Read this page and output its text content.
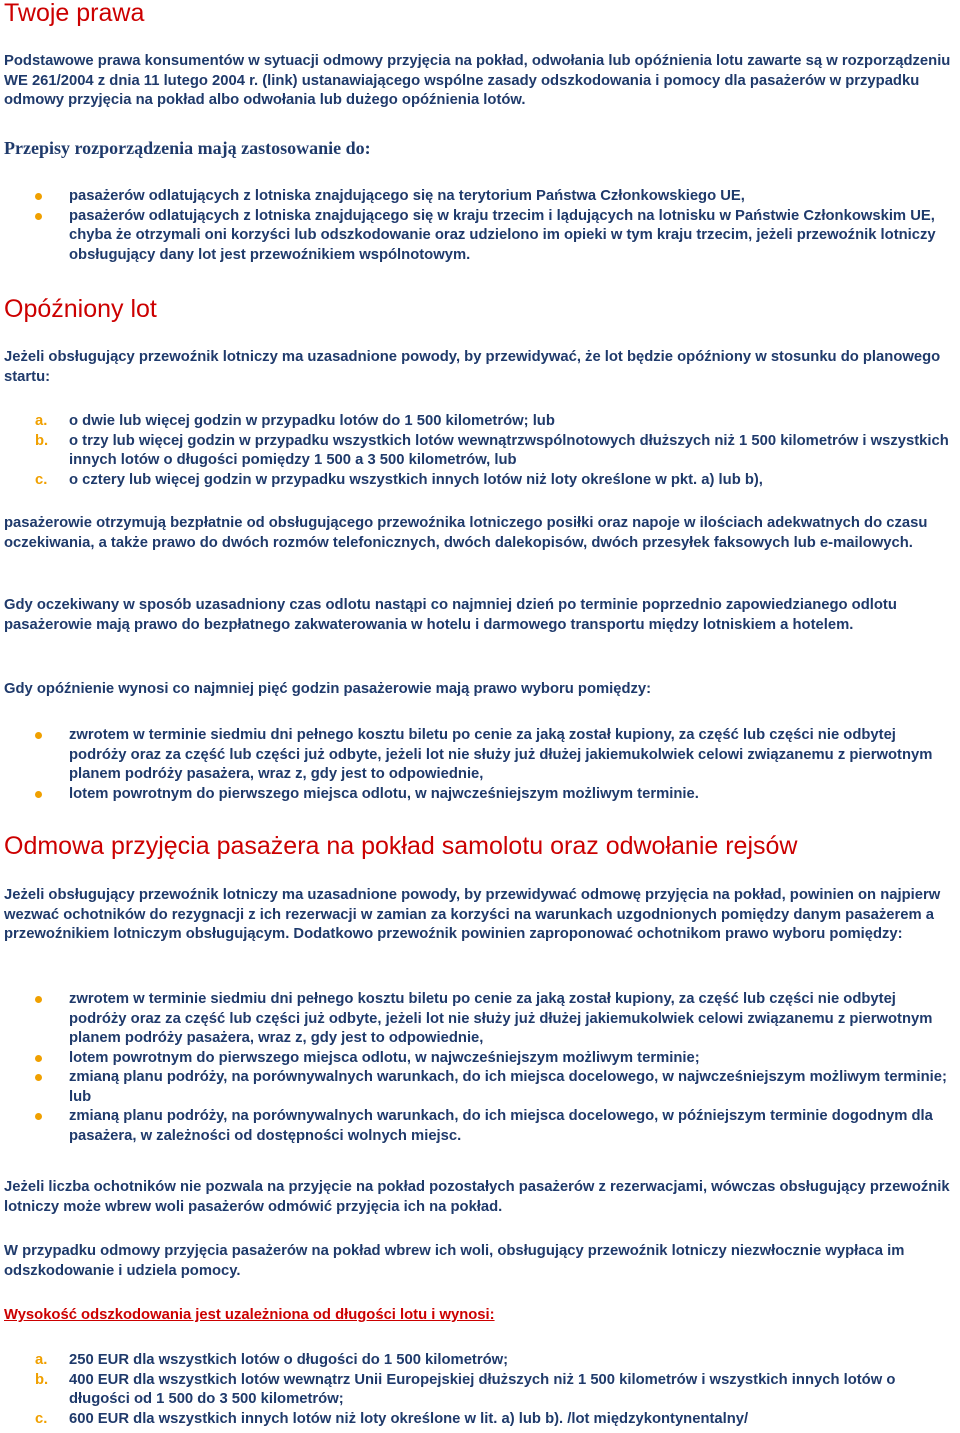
Twoje prawa

Podstawowe prawa konsumentów w sytuacji odmowy przyjęcia na pokład, odwołania lub opóźnienia lotu zawarte są w rozporządzeniu WE 261/2004 z dnia 11 lutego 2004 r. (link) ustanawiającego wspólne zasady odszkodowania i pomocy dla pasażerów w przypadku odmowy przyjęcia na pokład albo odwołania lub dużego opóźnienia lotów.

Przepisy rozporządzenia mają zastosowanie do:
pasażerów odlatujących z lotniska znajdującego się na terytorium Państwa Członkowskiego UE,
pasażerów odlatujących z lotniska znajdującego się w kraju trzecim i lądujących na lotnisku w Państwie Członkowskim UE, chyba że otrzymali oni korzyści lub odszkodowanie oraz udzielono im opieki w tym kraju trzecim, jeżeli przewoźnik lotniczy obsługujący dany lot jest przewoźnikiem wspólnotowym.
Opóźniony lot

Jeżeli obsługujący przewoźnik lotniczy ma uzasadnione powody, by przewidywać, że lot będzie opóźniony w stosunku do planowego startu:

a. o dwie lub więcej godzin w przypadku lotów do 1 500 kilometrów; lub
b. o trzy lub więcej godzin w przypadku wszystkich lotów wewnątrzwspólnotowych dłuższych niż 1 500 kilometrów i wszystkich innych lotów o długości pomiędzy 1 500 a 3 500 kilometrów, lub
c. o cztery lub więcej godzin w przypadku wszystkich innych lotów niż loty określone w pkt. a) lub b),

pasażerowie otrzymują bezpłatnie od obsługującego przewoźnika lotniczego posiłki oraz napoje w ilościach adekwatnych do czasu oczekiwania, a także prawo do dwóch rozmów telefonicznych, dwóch dalekopisów, dwóch przesyłek faksowych lub e-mailowych.

Gdy oczekiwany w sposób uzasadniony czas odlotu nastąpi co najmniej dzień po terminie poprzednio zapowiedzianego odlotu pasażerowie mają prawo do bezpłatnego zakwaterowania w hotelu i darmowego transportu między lotniskiem a hotelem.

Gdy opóźnienie wynosi co najmniej pięć godzin pasażerowie mają prawo wyboru pomiędzy:

zwrotem w terminie siedmiu dni pełnego kosztu biletu po cenie za jaką został kupiony, za część lub części nie odbytej podróży oraz za część lub części już odbyte, jeżeli lot nie służy już dłużej jakiemukolwiek celowi związanemu z pierwotnym planem podróży pasażera, wraz z, gdy jest to odpowiednie,
lotem powrotnym do pierwszego miejsca odlotu, w najwcześniejszym możliwym terminie.
Odmowa przyjęcia pasażera na pokład samolotu oraz odwołanie rejsów

Jeżeli obsługujący przewoźnik lotniczy ma uzasadnione powody, by przewidywać odmowę przyjęcia na pokład, powinien on najpierw wezwać ochotników do rezygnacji z ich rezerwacji w zamian za korzyści na warunkach uzgodnionych pomiędzy danym pasażerem a przewoźnikiem lotniczym obsługującym. Dodatkowo przewoźnik powinien zaproponować ochotnikom prawo wyboru pomiędzy:

zwrotem w terminie siedmiu dni pełnego kosztu biletu po cenie za jaką został kupiony, za część lub części nie odbytej podróży oraz za część lub części już odbyte, jeżeli lot nie służy już dłużej jakiemukolwiek celowi związanemu z pierwotnym planem podróży pasażera, wraz z, gdy jest to odpowiednie,
lotem powrotnym do pierwszego miejsca odlotu, w najwcześniejszym możliwym terminie;
zmianą planu podróży, na porównywalnych warunkach, do ich miejsca docelowego, w najwcześniejszym możliwym terminie; lub
zmianą planu podróży, na porównywalnych warunkach, do ich miejsca docelowego, w późniejszym terminie dogodnym dla pasażera, w zależności od dostępności wolnych miejsc.

Jeżeli liczba ochotników nie pozwala na przyjęcie na pokład pozostałych pasażerów z rezerwacjami, wówczas obsługujący przewoźnik lotniczy może wbrew woli pasażerów odmówić przyjęcia ich na pokład.

W przypadku odmowy przyjęcia pasażerów na pokład wbrew ich woli, obsługujący przewoźnik lotniczy niezwłocznie wypłaca im odszkodowanie i udziela pomocy.

Wysokość odszkodowania jest uzależniona od długości lotu i wynosi:

a. 250 EUR dla wszystkich lotów o długości do 1 500 kilometrów;
b. 400 EUR dla wszystkich lotów wewnątrz Unii Europejskiej dłuższych niż 1 500 kilometrów i wszystkich innych lotów o długości od 1 500 do 3 500 kilometrów;
c. 600 EUR dla wszystkich innych lotów niż loty określone w lit. a) lub b). /lot międzykontynentalny/
